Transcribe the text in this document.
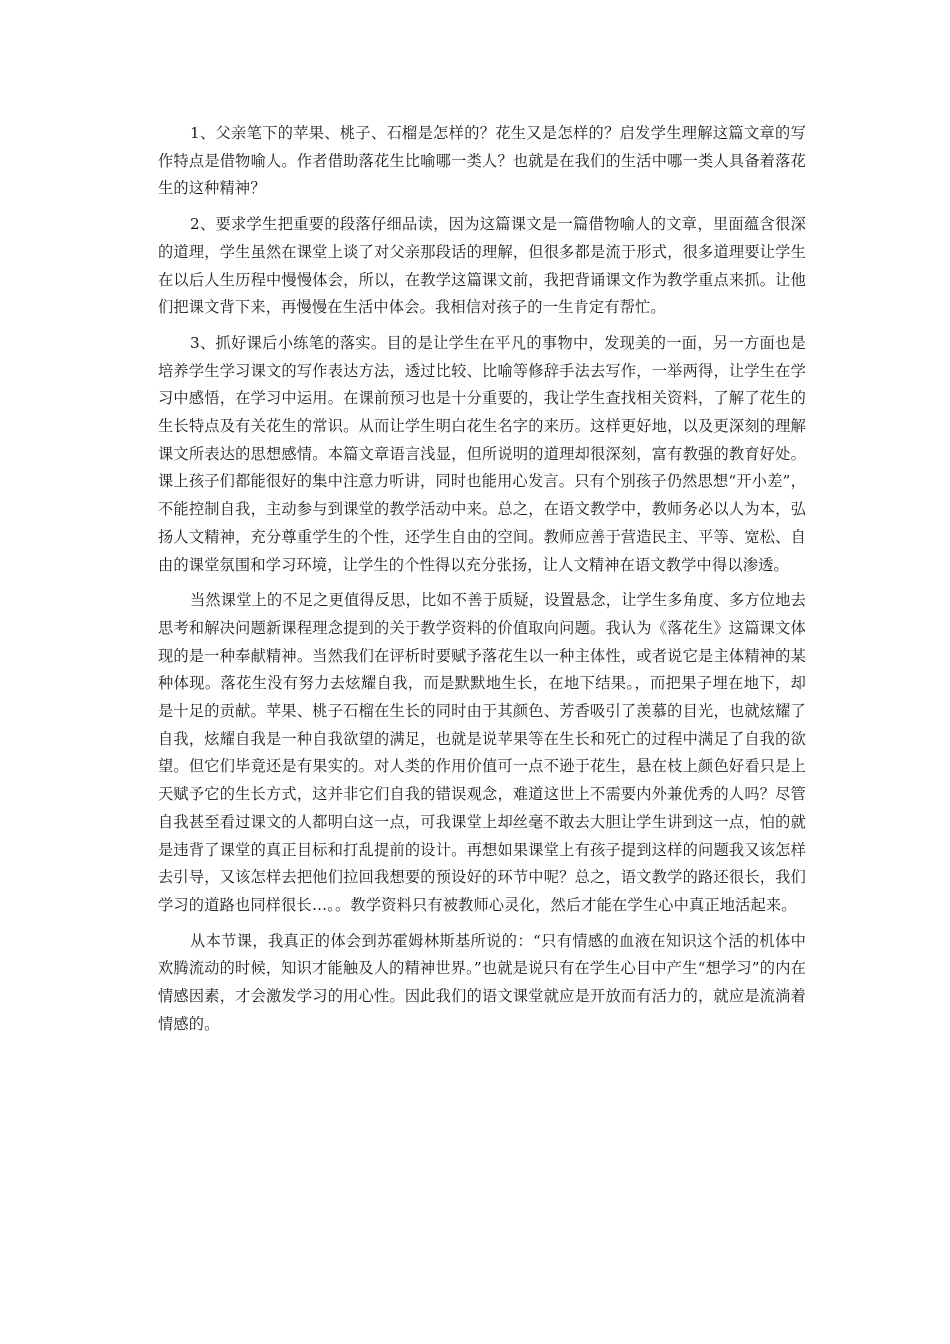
1、父亲笔下的苹果、桃子、石榴是怎样的？花生又是怎样的？启发学生理解这篇文章的写作特点是借物喻人。作者借助落花生比喻哪一类人？也就是在我们的生活中哪一类人具备着落花生的这种精神？

2、要求学生把重要的段落仔细品读，因为这篇课文是一篇借物喻人的文章，里面蕴含很深的道理，学生虽然在课堂上谈了对父亲那段话的理解，但很多都是流于形式，很多道理要让学生在以后人生历程中慢慢体会，所以，在教学这篇课文前，我把背诵课文作为教学重点来抓。让他们把课文背下来，再慢慢在生活中体会。我相信对孩子的一生肯定有帮忙。

3、抓好课后小练笔的落实。目的是让学生在平凡的事物中，发现美的一面，另一方面也是培养学生学习课文的写作表达方法，透过比较、比喻等修辞手法去写作，一举两得，让学生在学习中感悟，在学习中运用。在课前预习也是十分重要的，我让学生查找相关资料，了解了花生的生长特点及有关花生的常识。从而让学生明白花生名字的来历。这样更好地，以及更深刻的理解课文所表达的思想感情。本篇文章语言浅显，但所说明的道理却很深刻，富有教强的教育好处。课上孩子们都能很好的集中注意力听讲，同时也能用心发言。只有个别孩子仍然思想“开小差”，不能控制自我，主动参与到课堂的教学活动中来。总之，在语文教学中，教师务必以人为本，弘扬人文精神，充分尊重学生的个性，还学生自由的空间。教师应善于营造民主、平等、宽松、自由的课堂氛围和学习环境，让学生的个性得以充分张扬，让人文精神在语文教学中得以渗透。

当然课堂上的不足之更值得反思，比如不善于质疑，设置悬念，让学生多角度、多方位地去思考和解决问题新课程理念提到的关于教学资料的价值取向问题。我认为《落花生》这篇课文体现的是一种奉献精神。当然我们在评析时要赋予落花生以一种主体性，或者说它是主体精神的某种体现。落花生没有努力去炫耀自我，而是默默地生长，在地下结果。，而把果子埋在地下，却是十足的贡献。苹果、桃子石榴在生长的同时由于其颜色、芳香吸引了羡慕的目光，也就炫耀了自我，炫耀自我是一种自我欲望的满足，也就是说苹果等在生长和死亡的过程中满足了自我的欲望。但它们毕竟还是有果实的。对人类的作用价值可一点不逊于花生，悬在枝上颜色好看只是上天赋予它的生长方式，这并非它们自我的错误观念，难道这世上不需要内外兼优秀的人吗？尽管自我甚至看过课文的人都明白这一点，可我课堂上却丝毫不敢去大胆让学生讲到这一点，怕的就是违背了课堂的真正目标和打乱提前的设计。再想如果课堂上有孩子提到这样的问题我又该怎样去引导，又该怎样去把他们拉回我想要的预设好的环节中呢？总之，语文教学的路还很长，我们学习的道路也同样很长…。。教学资料只有被教师心灵化，然后才能在学生心中真正地活起来。

从本节课，我真正的体会到苏霍姆林斯基所说的：“只有情感的血液在知识这个活的机体中欢腾流动的时候，知识才能触及人的精神世界。”也就是说只有在学生心目中产生“想学习”的内在情感因素，才会激发学习的用心性。因此我们的语文课堂就应是开放而有活力的，就应是流淌着情感的。
